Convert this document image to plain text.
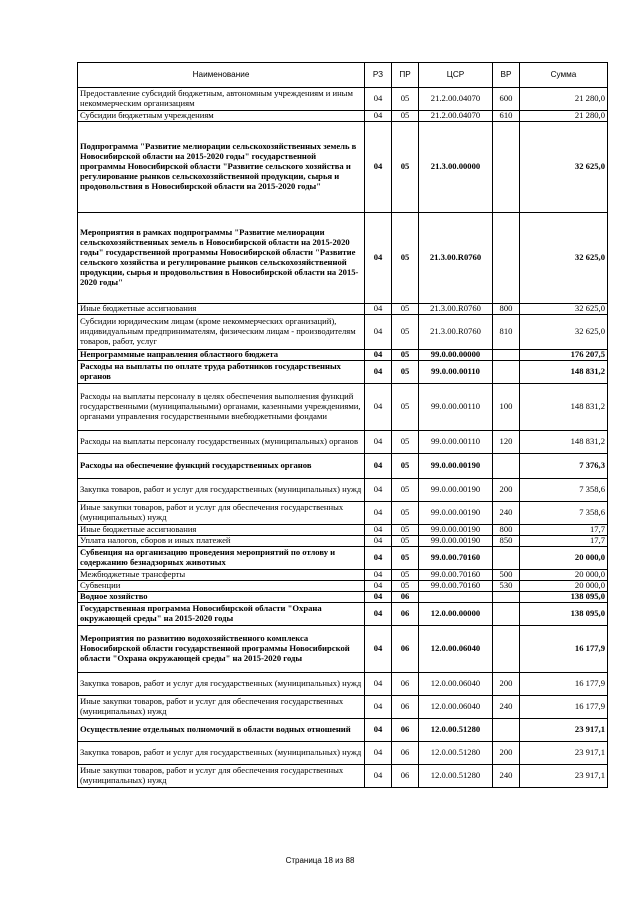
Наименование	РЗ	ПР	ЦСР	ВР	Сумма
Предоставление субсидий бюджетным, автономным учреждениям и иным некоммерческим организациям	04	05	21.2.00.04070	600	21 280,0
Субсидии бюджетным учреждениям	04	05	21.2.00.04070	610	21 280,0
Подпрограмма "Развитие мелиорации сельскохозяйственных земель в Новосибирской области на 2015-2020 годы" государственной программы Новосибирской области "Развитие сельского хозяйства и регулирование рынков сельскохозяйственной продукции, сырья и продовольствия в Новосибирской области на 2015-2020 годы"	04	05	21.3.00.00000		32 625,0
Мероприятия в рамках подпрограммы "Развитие мелиорации сельскохозяйственных земель в Новосибирской области на 2015-2020 годы" государственной программы Новосибирской области "Развитие сельского хозяйства и регулирование рынков сельскохозяйственной продукции, сырья и продовольствия в Новосибирской области на 2015-2020 годы"	04	05	21.3.00.R0760		32 625,0
Иные бюджетные ассигнования	04	05	21.3.00.R0760	800	32 625,0
Субсидии юридическим лицам (кроме некоммерческих организаций), индивидуальным предпринимателям, физическим лицам - производителям товаров, работ, услуг	04	05	21.3.00.R0760	810	32 625,0
Непрограммные направления областного бюджета	04	05	99.0.00.00000		176 207,5
Расходы на выплаты по оплате труда работников государственных органов	04	05	99.0.00.00110		148 831,2
Расходы на выплаты персоналу в целях обеспечения выполнения функций государственными (муниципальными) органами, казенными учреждениями, органами управления государственными внебюджетными фондами	04	05	99.0.00.00110	100	148 831,2
Расходы на выплаты персоналу государственных (муниципальных) органов	04	05	99.0.00.00110	120	148 831,2
Расходы на обеспечение функций государственных органов	04	05	99.0.00.00190		7 376,3
Закупка товаров, работ и услуг для государственных (муниципальных) нужд	04	05	99.0.00.00190	200	7 358,6
Иные закупки товаров, работ и услуг для обеспечения государственных (муниципальных) нужд	04	05	99.0.00.00190	240	7 358,6
Иные бюджетные ассигнования	04	05	99.0.00.00190	800	17,7
Уплата налогов, сборов и иных платежей	04	05	99.0.00.00190	850	17,7
Субвенция на организацию проведения мероприятий по отлову и содержанию безнадзорных животных	04	05	99.0.00.70160		20 000,0
Межбюджетные трансферты	04	05	99.0.00.70160	500	20 000,0
Субвенции	04	05	99.0.00.70160	530	20 000,0
Водное хозяйство	04	06			138 095,0
Государственная программа Новосибирской области "Охрана окружающей среды" на 2015-2020 годы	04	06	12.0.00.00000		138 095,0
Мероприятия по развитию водохозяйственного комплекса Новосибирской области государственной программы Новосибирской области "Охрана окружающей среды" на 2015-2020 годы	04	06	12.0.00.06040		16 177,9
Закупка товаров, работ и услуг для государственных (муниципальных) нужд	04	06	12.0.00.06040	200	16 177,9
Иные закупки товаров, работ и услуг для обеспечения государственных (муниципальных) нужд	04	06	12.0.00.06040	240	16 177,9
Осуществление отдельных полномочий в области водных отношений	04	06	12.0.00.51280		23 917,1
Закупка товаров, работ и услуг для государственных (муниципальных) нужд	04	06	12.0.00.51280	200	23 917,1
Иные закупки товаров, работ и услуг для обеспечения государственных (муниципальных) нужд	04	06	12.0.00.51280	240	23 917,1
Страница 18 из 88
